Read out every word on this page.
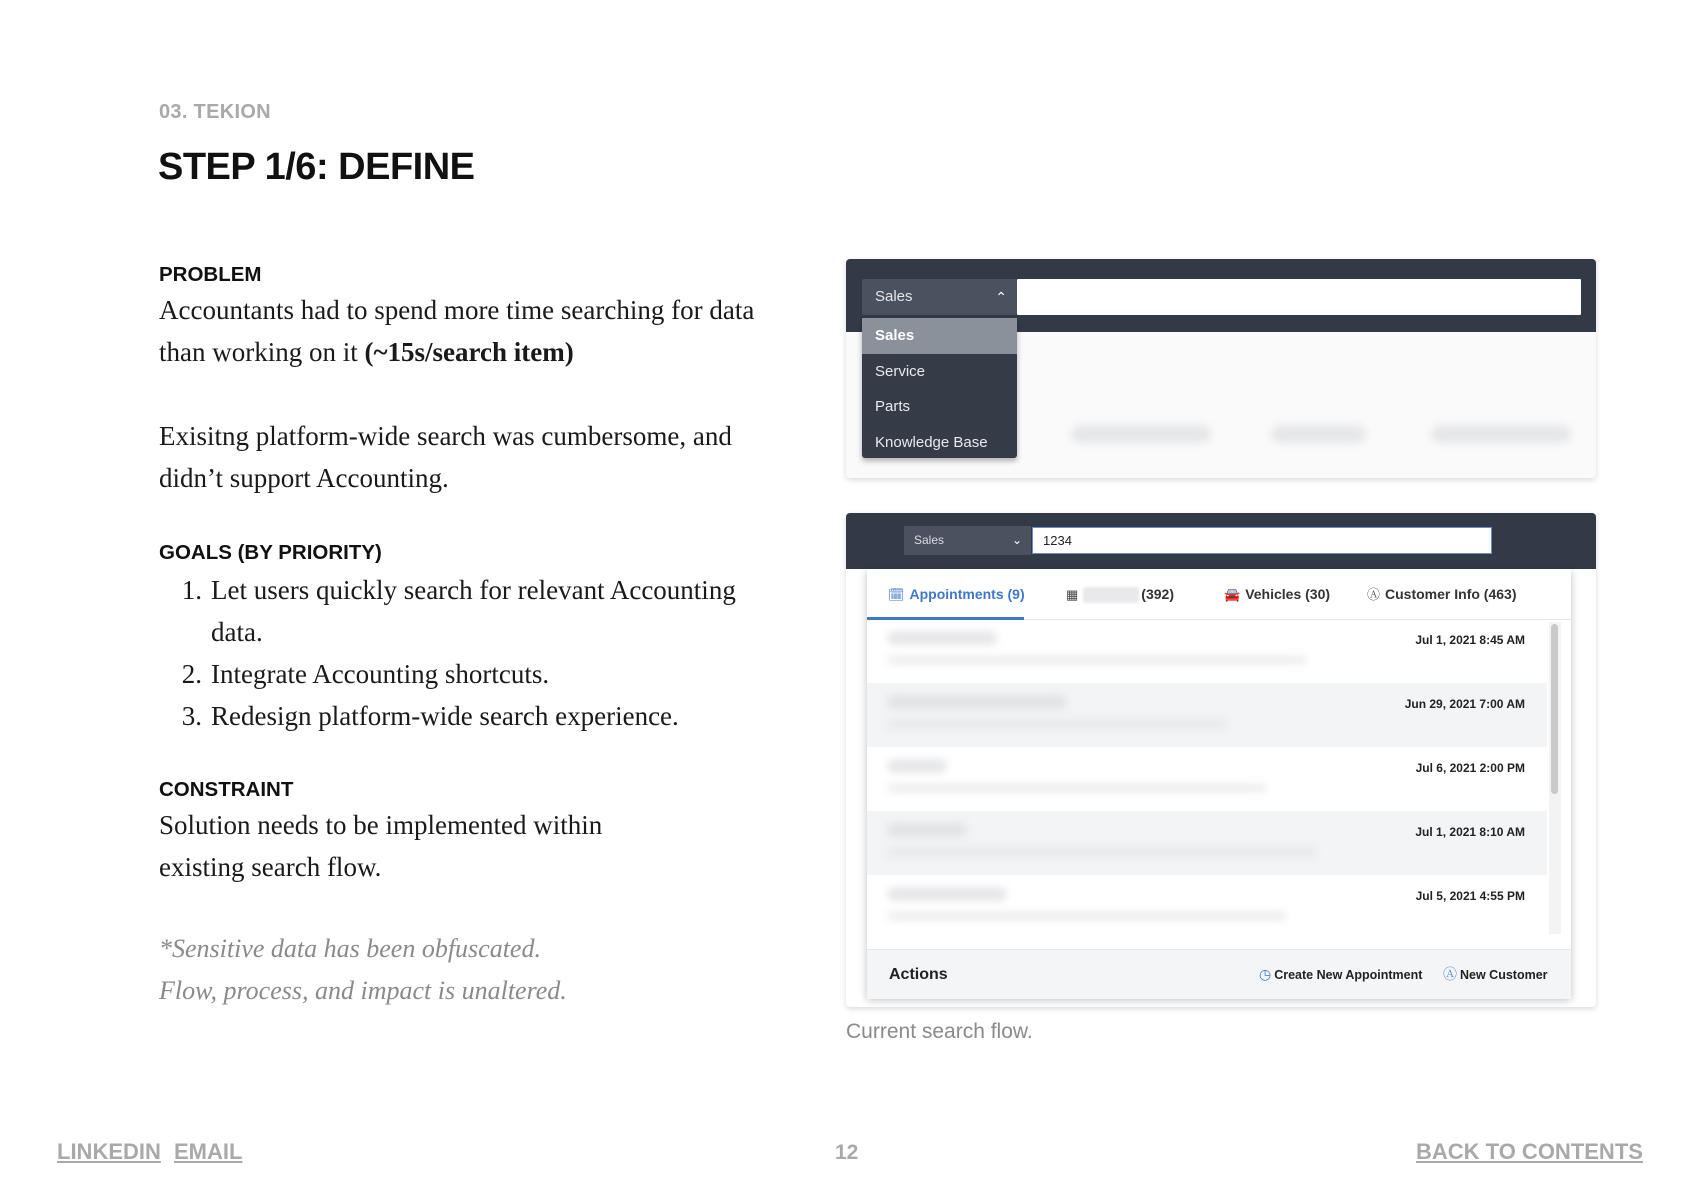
03. TEKION
STEP 1/6: DEFINE

PROBLEM

Accountants had to spend more time searching for data than working on it (~15s/search item)

Exisitng platform-wide search was cumbersome, and didn’t support Accounting.

GOALS (BY PRIORITY)

1. Let users quickly search for relevant Accounting data.
2. Integrate Accounting shortcuts.
3. Redesign platform-wide search experience.

CONSTRAINT

Solution needs to be implemented within existing search flow.

*Sensitive data has been obfuscated. Flow, process, and impact is unaltered.

Sales	⌃
Sales
Service
Parts
Knowledge Base
Sales	⌄	1234
🗓 Appointments (9)	▦	(392)	🚘 Vehicles (30)	Ⓐ Customer Info (463)
Jul 1, 2021 8:45 AM
Jun 29, 2021 7:00 AM
Jul 6, 2021 2:00 PM
Jul 1, 2021 8:10 AM
Jul 5, 2021 4:55 PM
Actions	◷ Create New Appointment Ⓐ New Customer
Current search flow.
LINKEDIN EMAIL	12	BACK TO CONTENTS
